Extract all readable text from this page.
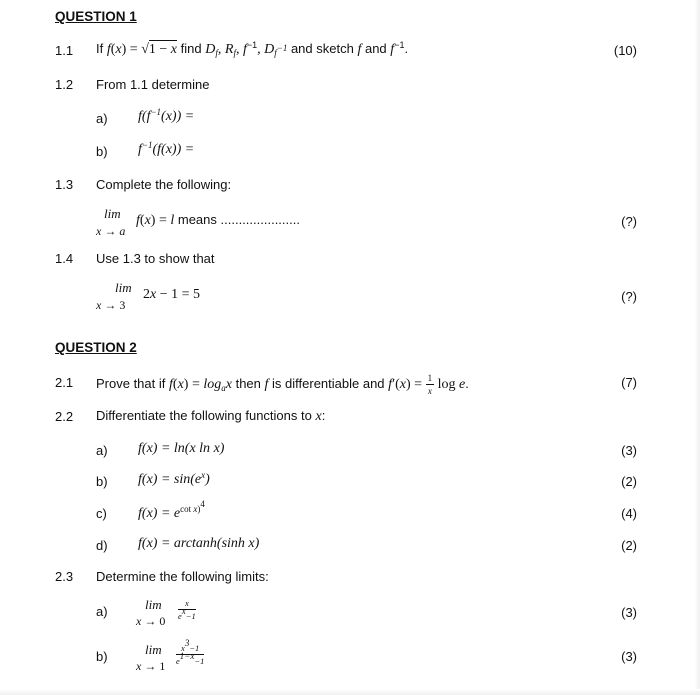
QUESTION 1
1.1 If f(x) = √1 − x find $D_f$, $R_f$, $f^{-1}$, $D_{f^{-1}}$ and sketch f and $f^{-1}$.	(10)
1.2 From 1.1 determine
a) $f(f^{-1}(x))$ =
b) $f^{-1}(f(x))$ =
1.3 Complete the following:
lim
x → a
f(x) = l means ......................	(?)
1.4 Use 1.3 to show that
lim
x → 3
2x − 1 = 5	(?)
QUESTION 2
2.1 Prove that if $f(x) = \log_ax$ then f is differentiable and $f'(x) = \frac{1}{x}$ log e.	(7)
2.2 Differentiate the following functions to x:
a) f(x) = ln(x ln x)	(3)
b) $f(x) = \sin(e^x)$	(2)
c) $f(x) = e^{cot x)^4}$
(4)
d) f(x) = arctanh(sinh x)	(2)
2.3 Determine the following limits:
a)	lim
$x \to 0 \frac{x}{e^x-1}$	(3)
b)	lim
$x \to 1 \frac{x^3-1}{e^{1-x}-1}$	(3)
